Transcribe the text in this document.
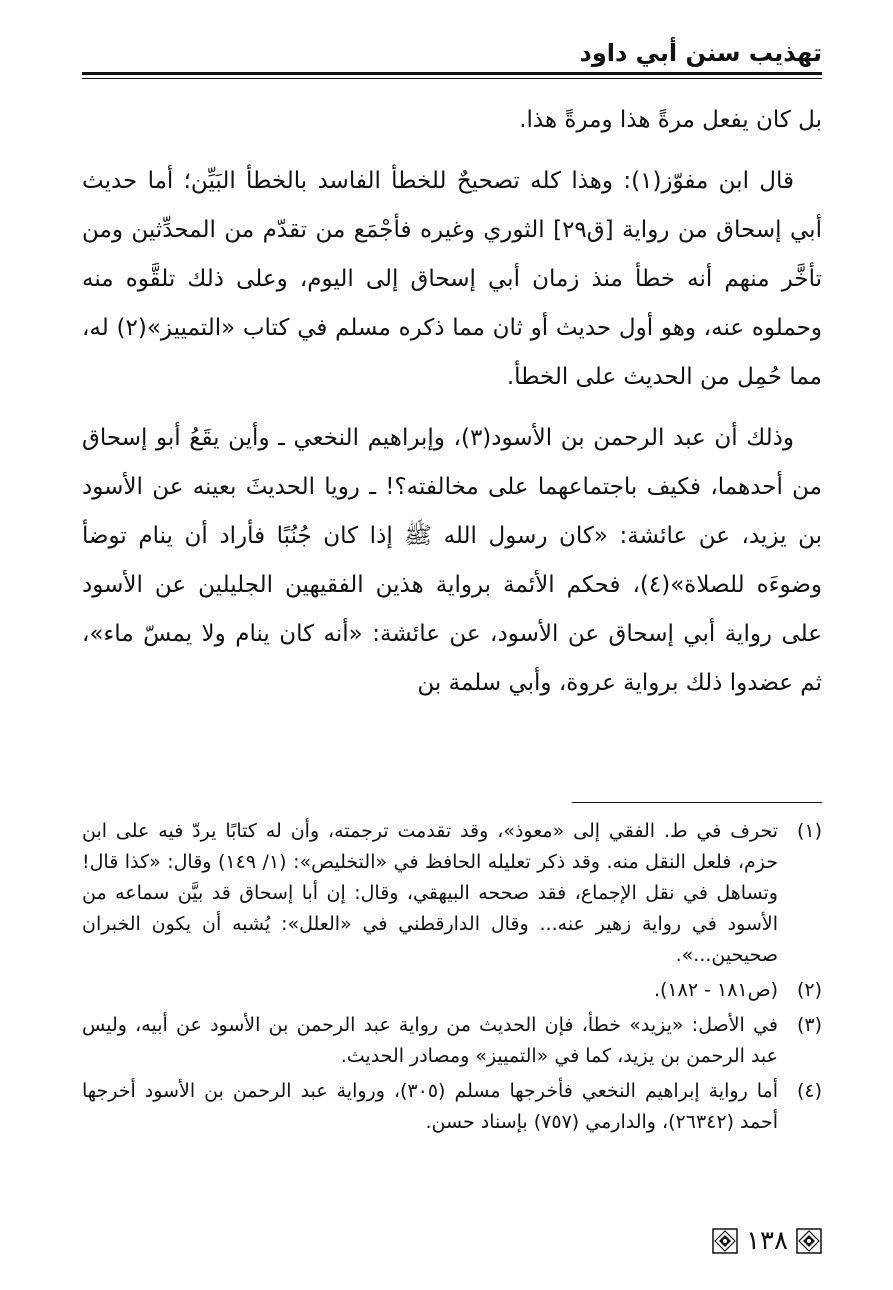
تهذيب سنن أبي داود

بل كان يفعل مرةً هذا ومرةً هذا.

قال ابن مفوّز(١): وهذا كله تصحيحٌ للخطأ الفاسد بالخطأ البَيِّن؛ أما حديث أبي إسحاق من رواية [ق٢٩] الثوري وغيره فأجْمَع من تقدّم من المحدِّثين ومن تأخَّر منهم أنه خطأ منذ زمان أبي إسحاق إلى اليوم، وعلى ذلك تلقَّوه منه وحملوه عنه، وهو أول حديث أو ثان مما ذكره مسلم في كتاب «التمييز»(٢) له، مما حُمِل من الحديث على الخطأ.

وذلك أن عبد الرحمن بن الأسود(٣)، وإبراهيم النخعي ـ وأين يقَعُ أبو إسحاق من أحدهما، فكيف باجتماعهما على مخالفته؟! ـ رويا الحديثَ بعينه عن الأسود بن يزيد، عن عائشة: «كان رسول الله ﷺ إذا كان جُنُبًا فأراد أن ينام توضأ وضوءَه للصلاة»(٤)، فحكم الأئمة برواية هذين الفقيهين الجليلين عن الأسود على رواية أبي إسحاق عن الأسود، عن عائشة: «أنه كان ينام ولا يمسّ ماء»، ثم عضدوا ذلك برواية عروة، وأبي سلمة بن

(١)
تحرف في ط. الفقي إلى «معوذ»، وقد تقدمت ترجمته، وأن له كتابًا يردّ فيه على ابن حزم، فلعل النقل منه. وقد ذكر تعليله الحافظ في «التخليص»: (١/ ١٤٩) وقال: «كذا قال! وتساهل في نقل الإجماع، فقد صححه البيهقي، وقال: إن أبا إسحاق قد بيَّن سماعه من الأسود في رواية زهير عنه... وقال الدارقطني في «العلل»: يُشبه أن يكون الخبران صحيحين...».
(٢)
(ص١٨١ - ١٨٢).
(٣)
في الأصل: «يزيد» خطأ، فإن الحديث من رواية عبد الرحمن بن الأسود عن أبيه، وليس عبد الرحمن بن يزيد، كما في «التمييز» ومصادر الحديث.
(٤)
أما رواية إبراهيم النخعي فأخرجها مسلم (٣٠٥)، ورواية عبد الرحمن بن الأسود أخرجها أحمد (٢٦٣٤٢)، والدارمي (٧٥٧) بإسناد حسن.
١٣٨
